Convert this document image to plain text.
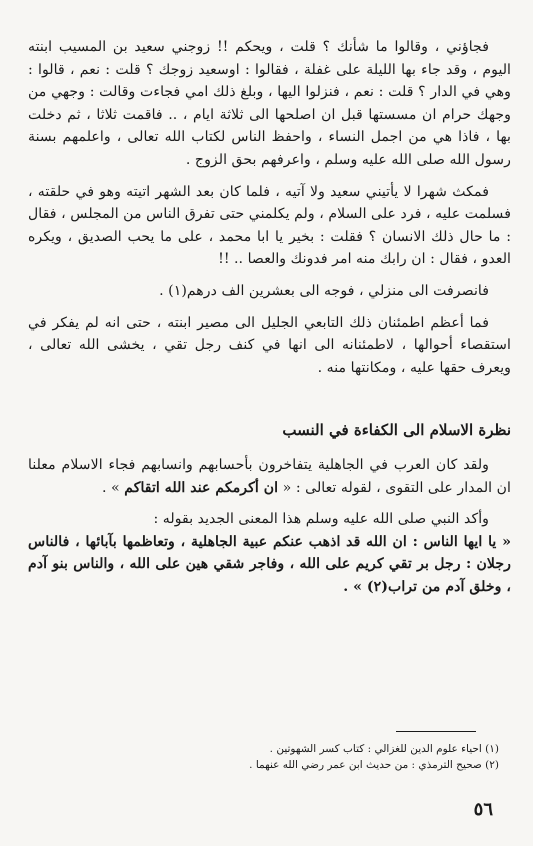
فجاؤني ، وقالوا ما شأنك ؟ قلت ، ويحكم !! زوجني سعيد بن المسيب ابنته اليوم ، وقد جاء بها الليلة على غفلة ، فقالوا : اوسعيد زوجك ؟ قلت : نعم ، قالوا : وهي في الدار ؟ قلت : نعم ، فنزلوا اليها ، وبلغ ذلك امي فجاءت وقالت : وجهي من وجهك حرام ان مسستها قبل ان اصلحها الى ثلاثة ايام ، .. فاقمت ثلاثا ، ثم دخلت بها ، فاذا هي من اجمل النساء ، واحفظ الناس لكتاب الله تعالى ، واعلمهم بسنة رسول الله صلى الله عليه وسلم ، واعرفهم بحق الزوج .

فمكث شهرا لا يأتيني سعيد ولا آتيه ، فلما كان بعد الشهر اتيته وهو في حلقته ، فسلمت عليه ، فرد على السلام ، ولم يكلمني حتى تفرق الناس من المجلس ، فقال : ما حال ذلك الانسان ؟ فقلت : بخير يا ابا محمد ، على ما يحب الصديق ، ويكره العدو ، فقال : ان رابك منه امر فدونك والعصا .. !!

فانصرفت الى منزلي ، فوجه الى بعشرين الف درهم(١) .

فما أعظم اطمئنان ذلك التابعي الجليل الى مصير ابنته ، حتى انه لم يفكر في استقصاء أحوالها ، لاطمئنانه الى انها في كنف رجل تقي ، يخشى الله تعالى ، ويعرف حقها عليه ، ومكانتها منه .

نظرة الاسلام الى الكفاءة في النسب

ولقد كان العرب في الجاهلية يتفاخرون بأحسابهم وانسابهم فجاء الاسلام معلنا ان المدار على التقوى ، لقوله تعالى : « ان أكرمكم عند الله اتقاكم » .

وأكد النبي صلى الله عليه وسلم هذا المعنى الجديد بقوله :
« يا ايها الناس : ان الله قد اذهب عنكم عبية الجاهلية ، وتعاظمها بآبائها ، فالناس رجلان : رجل بر تقي كريم على الله ، وفاجر شقي هين على الله ، والناس بنو آدم ، وخلق آدم من تراب(٢) » .

(١) احياء علوم الدين للغزالي : كتاب كسر الشهوتين .
(٢) صحيح الترمذي : من حديث ابن عمر رضي الله عنهما .
٥٦
